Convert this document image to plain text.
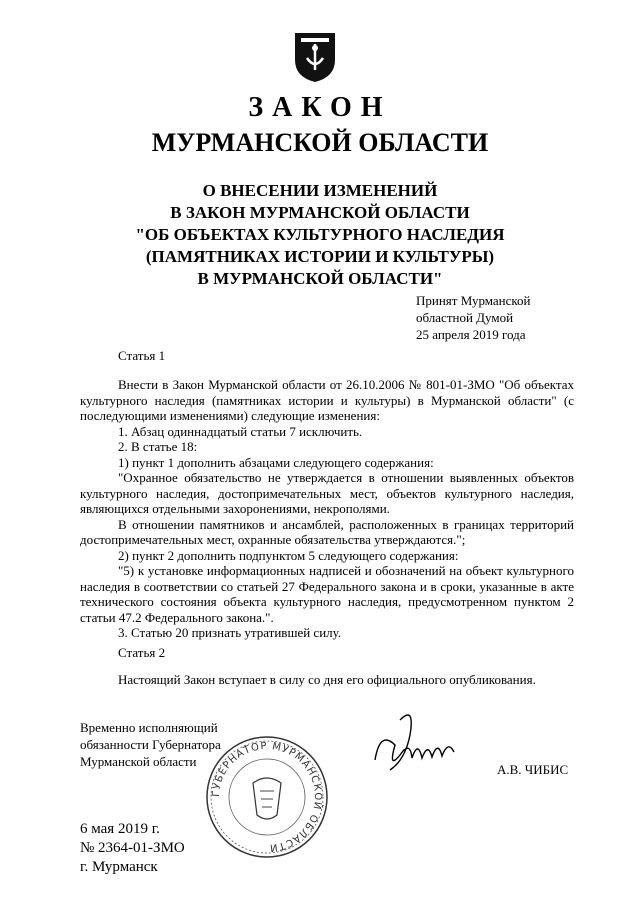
ЗАКОН
МУРМАНСКОЙ ОБЛАСТИ
О ВНЕСЕНИИ ИЗМЕНЕНИЙ
В ЗАКОН МУРМАНСКОЙ ОБЛАСТИ
"ОБ ОБЪЕКТАХ КУЛЬТУРНОГО НАСЛЕДИЯ
(ПАМЯТНИКАХ ИСТОРИИ И КУЛЬТУРЫ)
В МУРМАНСКОЙ ОБЛАСТИ"
Принят Мурманской
областной Думой
25 апреля 2019 года
Статья 1

Внести в Закон Мурманской области от 26.10.2006 № 801-01-ЗМО "Об объектах культурного наследия (памятниках истории и культуры) в Мурманской области" (с последующими изменениями) следующие изменения:

1. Абзац одиннадцатый статьи 7 исключить.

2. В статье 18:

1) пункт 1 дополнить абзацами следующего содержания:

"Охранное обязательство не утверждается в отношении выявленных объектов культурного наследия, достопримечательных мест, объектов культурного наследия, являющихся отдельными захоронениями, некрополями.

В отношении памятников и ансамблей, расположенных в границах территорий достопримечательных мест, охранные обязательства утверждаются.";

2) пункт 2 дополнить подпунктом 5 следующего содержания:

"5) к установке информационных надписей и обозначений на объект культурного наследия в соответствии со статьей 27 Федерального закона и в сроки, указанные в акте технического состояния объекта культурного наследия, предусмотренном пунктом 2 статьи 47.2 Федерального закона.".

3. Статью 20 признать утратившей силу.

Статья 2

Настоящий Закон вступает в силу со дня его официального опубликования.

Временно исполняющий
обязанности Губернатора
Мурманской области
ГУБЕРНАТОР МУРМАНСКОЙ ОБЛАСТИ
А.В. ЧИБИС
6 мая 2019 г.
№ 2364-01-ЗМО
г. Мурманск
